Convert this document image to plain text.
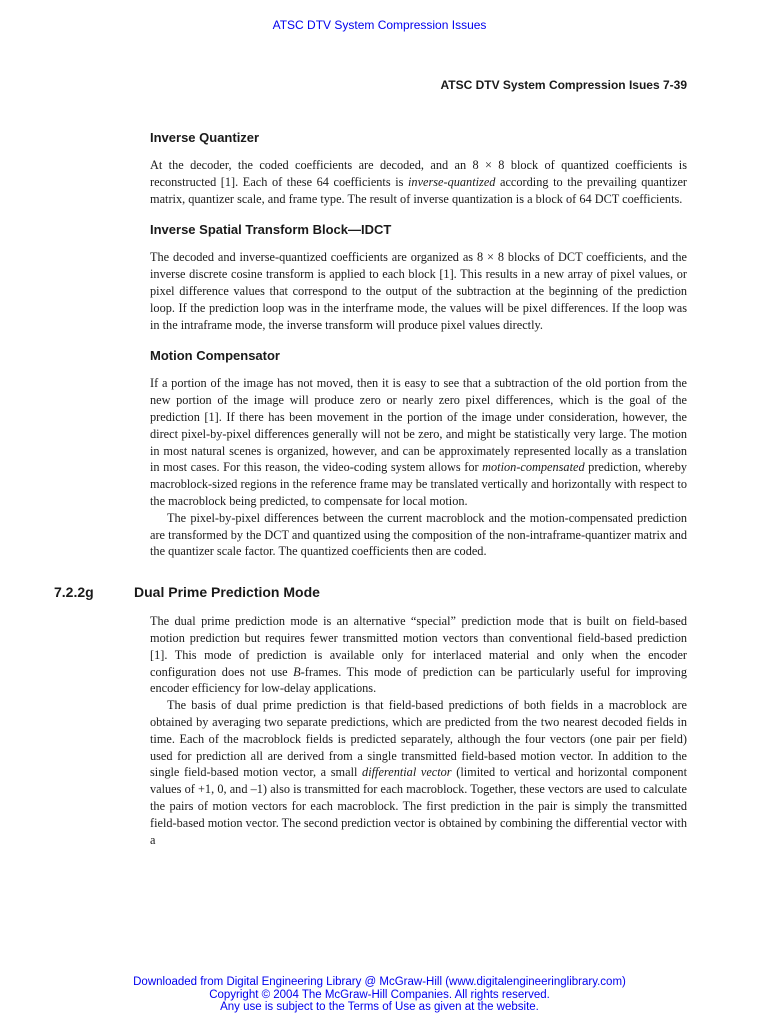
ATSC DTV System Compression Issues
ATSC DTV System Compression Isues 7-39
Inverse Quantizer

At the decoder, the coded coefficients are decoded, and an 8 × 8 block of quantized coefficients is reconstructed [1]. Each of these 64 coefficients is inverse-quantized according to the prevailing quantizer matrix, quantizer scale, and frame type. The result of inverse quantization is a block of 64 DCT coefficients.

Inverse Spatial Transform Block—IDCT

The decoded and inverse-quantized coefficients are organized as 8 × 8 blocks of DCT coefficients, and the inverse discrete cosine transform is applied to each block [1]. This results in a new array of pixel values, or pixel difference values that correspond to the output of the subtraction at the beginning of the prediction loop. If the prediction loop was in the interframe mode, the values will be pixel differences. If the loop was in the intraframe mode, the inverse transform will produce pixel values directly.

Motion Compensator

If a portion of the image has not moved, then it is easy to see that a subtraction of the old portion from the new portion of the image will produce zero or nearly zero pixel differences, which is the goal of the prediction [1]. If there has been movement in the portion of the image under consideration, however, the direct pixel-by-pixel differences generally will not be zero, and might be statistically very large. The motion in most natural scenes is organized, however, and can be approximately represented locally as a translation in most cases. For this reason, the video-coding system allows for motion-compensated prediction, whereby macroblock-sized regions in the reference frame may be translated vertically and horizontally with respect to the macroblock being predicted, to compensate for local motion.

The pixel-by-pixel differences between the current macroblock and the motion-compensated prediction are transformed by the DCT and quantized using the composition of the non-intraframe-quantizer matrix and the quantizer scale factor. The quantized coefficients then are coded.

7.2.2g	Dual Prime Prediction Mode

The dual prime prediction mode is an alternative “special” prediction mode that is built on field-based motion prediction but requires fewer transmitted motion vectors than conventional field-based prediction [1]. This mode of prediction is available only for interlaced material and only when the encoder configuration does not use B-frames. This mode of prediction can be particularly useful for improving encoder efficiency for low-delay applications.

The basis of dual prime prediction is that field-based predictions of both fields in a macroblock are obtained by averaging two separate predictions, which are predicted from the two nearest decoded fields in time. Each of the macroblock fields is predicted separately, although the four vectors (one pair per field) used for prediction all are derived from a single transmitted field-based motion vector. In addition to the single field-based motion vector, a small differential vector (limited to vertical and horizontal component values of +1, 0, and –1) also is transmitted for each macroblock. Together, these vectors are used to calculate the pairs of motion vectors for each macroblock. The first prediction in the pair is simply the transmitted field-based motion vector. The second prediction vector is obtained by combining the differential vector with a

Downloaded from Digital Engineering Library @ McGraw-Hill (www.digitalengineeringlibrary.com)
Copyright © 2004 The McGraw-Hill Companies. All rights reserved.
Any use is subject to the Terms of Use as given at the website.
